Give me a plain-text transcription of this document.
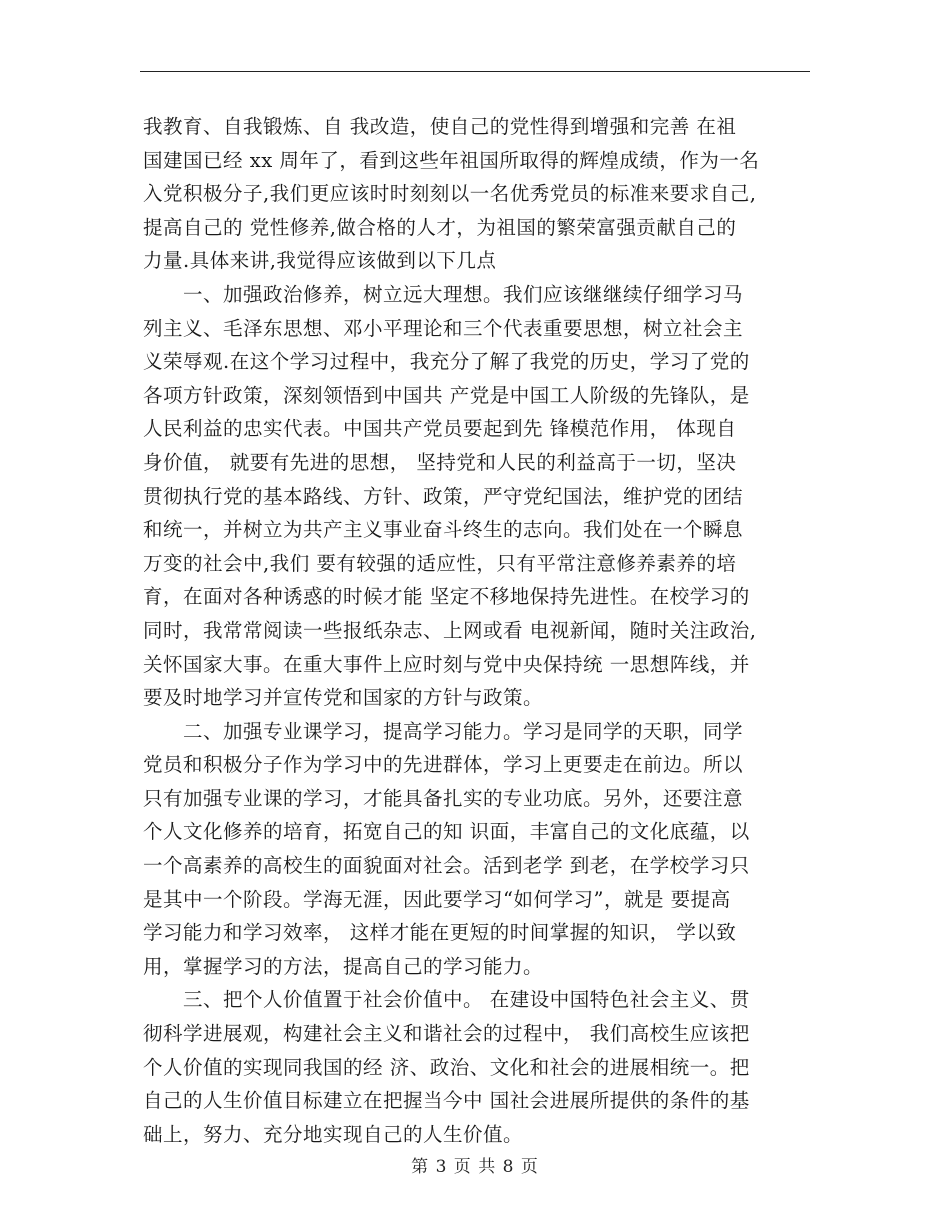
我教育、自我锻炼、自 我改造，使自己的党性得到增强和完善 在祖
国建国已经 xx 周年了，看到这些年祖国所取得的辉煌成绩，作为一名
入党积极分子,我们更应该时时刻刻以一名优秀党员的标准来要求自己,
提高自己的 党性修养,做合格的人才，为祖国的繁荣富强贡献自己的
力量.具体来讲,我觉得应该做到以下几点
　　一、加强政治修养，树立远大理想。我们应该继继续仔细学习马
列主义、毛泽东思想、邓小平理论和三个代表重要思想，树立社会主
义荣辱观.在这个学习过程中，我充分了解了我党的历史，学习了党的
各项方针政策，深刻领悟到中国共 产党是中国工人阶级的先锋队，是
人民利益的忠实代表。中国共产党员要起到先 锋模范作用， 体现自
身价值， 就要有先进的思想， 坚持党和人民的利益高于一切，坚决
贯彻执行党的基本路线、方针、政策，严守党纪国法，维护党的团结
和统一，并树立为共产主义事业奋斗终生的志向。我们处在一个瞬息
万变的社会中,我们 要有较强的适应性，只有平常注意修养素养的培
育，在面对各种诱惑的时候才能 坚定不移地保持先进性。在校学习的
同时，我常常阅读一些报纸杂志、上网或看 电视新闻，随时关注政治,
关怀国家大事。在重大事件上应时刻与党中央保持统 一思想阵线，并
要及时地学习并宣传党和国家的方针与政策。
　　二、加强专业课学习，提高学习能力。学习是同学的天职，同学
党员和积极分子作为学习中的先进群体，学习上更要走在前边。所以
只有加强专业课的学习，才能具备扎实的专业功底。另外，还要注意
个人文化修养的培育，拓宽自己的知 识面，丰富自己的文化底蕴，以
一个高素养的高校生的面貌面对社会。活到老学 到老，在学校学习只
是其中一个阶段。学海无涯，因此要学习“如何学习”，就是 要提高
学习能力和学习效率， 这样才能在更短的时间掌握的知识， 学以致
用，掌握学习的方法，提高自己的学习能力。
　　三、把个人价值置于社会价值中。 在建设中国特色社会主义、贯
彻科学进展观，构建社会主义和谐社会的过程中， 我们高校生应该把
个人价值的实现同我国的经 济、政治、文化和社会的进展相统一。把
自己的人生价值目标建立在把握当今中 国社会进展所提供的条件的基
础上，努力、充分地实现自己的人生价值。
第 3 页 共 8 页
